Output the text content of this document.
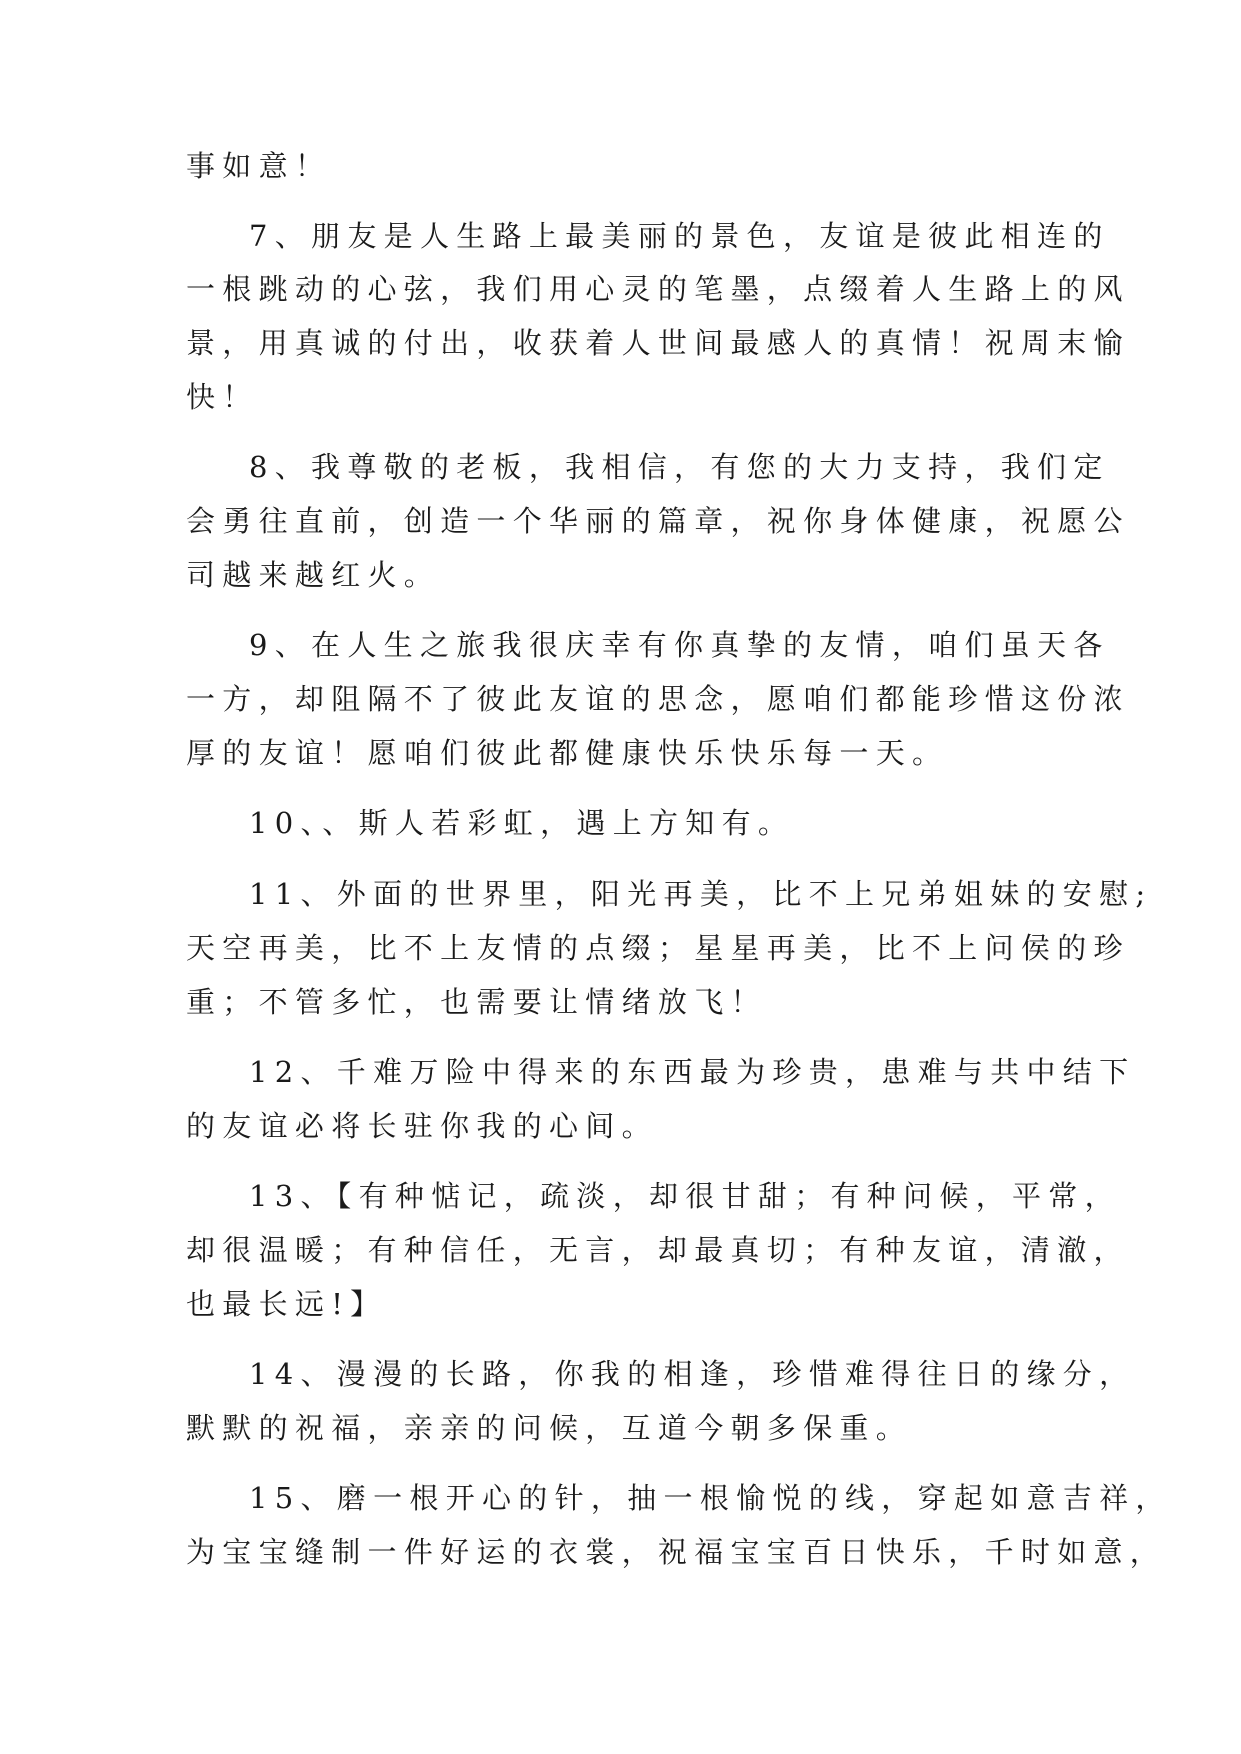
事如意！

7、朋友是人生路上最美丽的景色，友谊是彼此相连的

一根跳动的心弦，我们用心灵的笔墨，点缀着人生路上的风

景，用真诚的付出，收获着人世间最感人的真情！祝周末愉

快！

8、我尊敬的老板，我相信，有您的大力支持，我们定

会勇往直前，创造一个华丽的篇章，祝你身体健康，祝愿公

司越来越红火。

9、在人生之旅我很庆幸有你真挚的友情，咱们虽天各

一方，却阻隔不了彼此友谊的思念，愿咱们都能珍惜这份浓

厚的友谊！愿咱们彼此都健康快乐快乐每一天。

10、、斯人若彩虹，遇上方知有。

11、外面的世界里，阳光再美，比不上兄弟姐妹的安慰;

天空再美，比不上友情的点缀；星星再美，比不上问侯的珍

重；不管多忙，也需要让情绪放飞！

12、千难万险中得来的东西最为珍贵，患难与共中结下

的友谊必将长驻你我的心间。

13、【有种惦记，疏淡，却很甘甜；有种问候，平常，

却很温暖；有种信任，无言，却最真切；有种友谊，清澈，

也最长远!】

14、漫漫的长路，你我的相逢，珍惜难得往日的缘分，

默默的祝福，亲亲的问候，互道今朝多保重。

15、磨一根开心的针，抽一根愉悦的线，穿起如意吉祥，

为宝宝缝制一件好运的衣裳，祝福宝宝百日快乐，千时如意，
